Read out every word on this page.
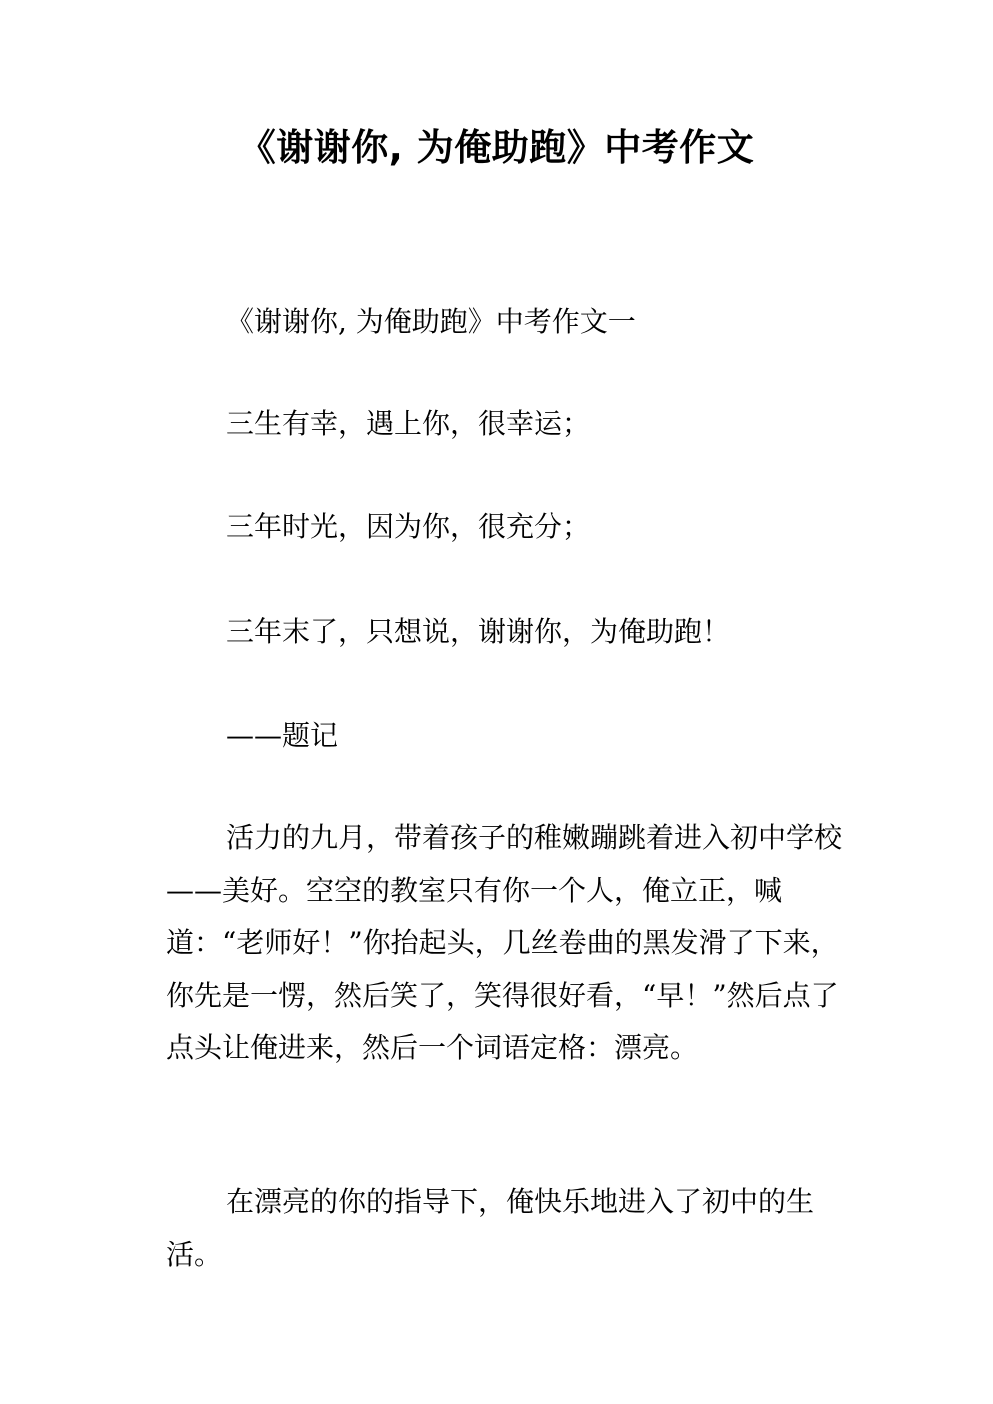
《谢谢你, 为俺助跑》中考作文

《谢谢你, 为俺助跑》中考作文一

三生有幸，遇上你，很幸运；

三年时光，因为你，很充分；

三年末了，只想说，谢谢你，为俺助跑！

——题记

活力的九月，带着孩子的稚嫩蹦跳着进入初中学校——美好。空空的教室只有你一个人，俺立正，喊道：“老师好！”你抬起头，几丝卷曲的黑发滑了下来，你先是一愣，然后笑了，笑得很好看，“早！”然后点了点头让俺进来，然后一个词语定格：漂亮。

在漂亮的你的指导下，俺快乐地进入了初中的生活。
